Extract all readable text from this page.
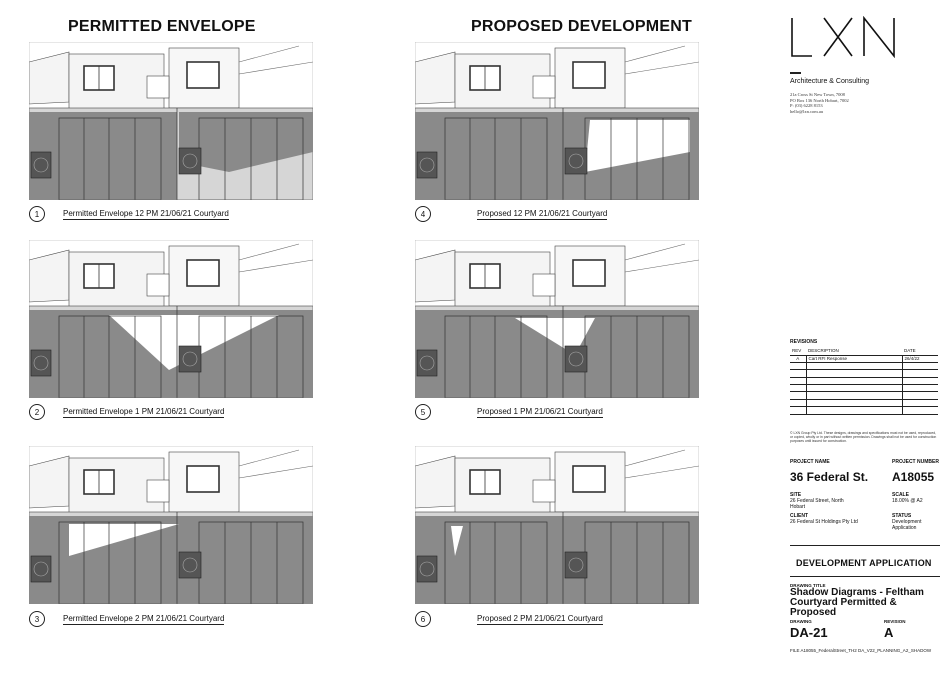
PERMITTED ENVELOPE	PROPOSED DEVELOPMENT
1	Permitted Envelope 12 PM 21/06/21 Courtyard
2	Permitted Envelope 1 PM 21/06/21 Courtyard
3	Permitted Envelope 2 PM 21/06/21 Courtyard
4	Proposed 12 PM 21/06/21 Courtyard
5	Proposed 1 PM 21/06/21 Courtyard
6	Proposed 2 PM 21/06/21 Courtyard
Architecture & Consulting
21a Cross St New Town, 7008
PO Box 136 North Hobart, 7002
P: (03) 6228 8153
hello@lxn.com.au
REVISIONS
REV	DESCRIPTION	DATE
A	Cart RFI Response	26/4/22

© LXN Group Pty Ltd. These designs, drawings and specifications must not be used, reproduced, or copied, wholly or in part without written permission. Drawings shall not be used for construction purposes until issued for construction.
PROJECT NAME	PROJECT NUMBER
36 Federal St. A18055
SITE
26 Federal Street, North Hobart
SCALE
18.00% @ A2
CLIENT
26 Federal St Holdings Pty Ltd
STATUS
Development Application
DEVELOPMENT APPLICATION
DRAWING TITLE
Shadow Diagrams - Feltham Courtyard Permitted & Proposed
DRAWING
DA-21
REVISION
A
FILE A18055_FederalStreet_TH2 DA_V22_PLANNING_A2_SHADOW
